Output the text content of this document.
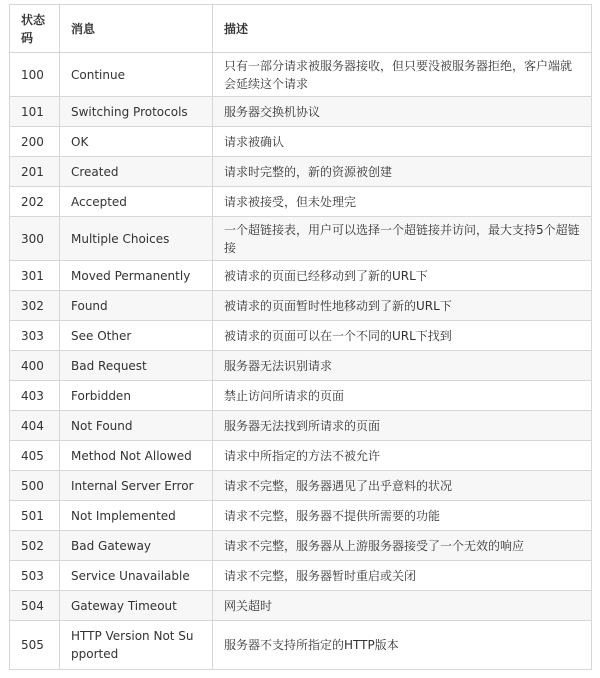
状态码	消息	描述
100	Continue	只有一部分请求被服务器接收，但只要没被服务器拒绝，客户端就会延续这个请求
101	Switching Protocols	服务器交换机协议
200	OK	请求被确认
201	Created	请求时完整的，新的资源被创建
202	Accepted	请求被接受，但未处理完
300	Multiple Choices	一个超链接表，用户可以选择一个超链接并访问，最大支持5个超链接
301	Moved Permanently	被请求的页面已经移动到了新的URL下
302	Found	被请求的页面暂时性地移动到了新的URL下
303	See Other	被请求的页面可以在一个不同的URL下找到
400	Bad Request	服务器无法识别请求
403	Forbidden	禁止访问所请求的页面
404	Not Found	服务器无法找到所请求的页面
405	Method Not Allowed	请求中所指定的方法不被允许
500	Internal Server Error	请求不完整，服务器遇见了出乎意料的状况
501	Not Implemented	请求不完整，服务器不提供所需要的功能
502	Bad Gateway	请求不完整，服务器从上游服务器接受了一个无效的响应
503	Service Unavailable	请求不完整，服务器暂时重启或关闭
504	Gateway Timeout	网关超时
505	HTTP Version Not Supported	服务器不支持所指定的HTTP版本
